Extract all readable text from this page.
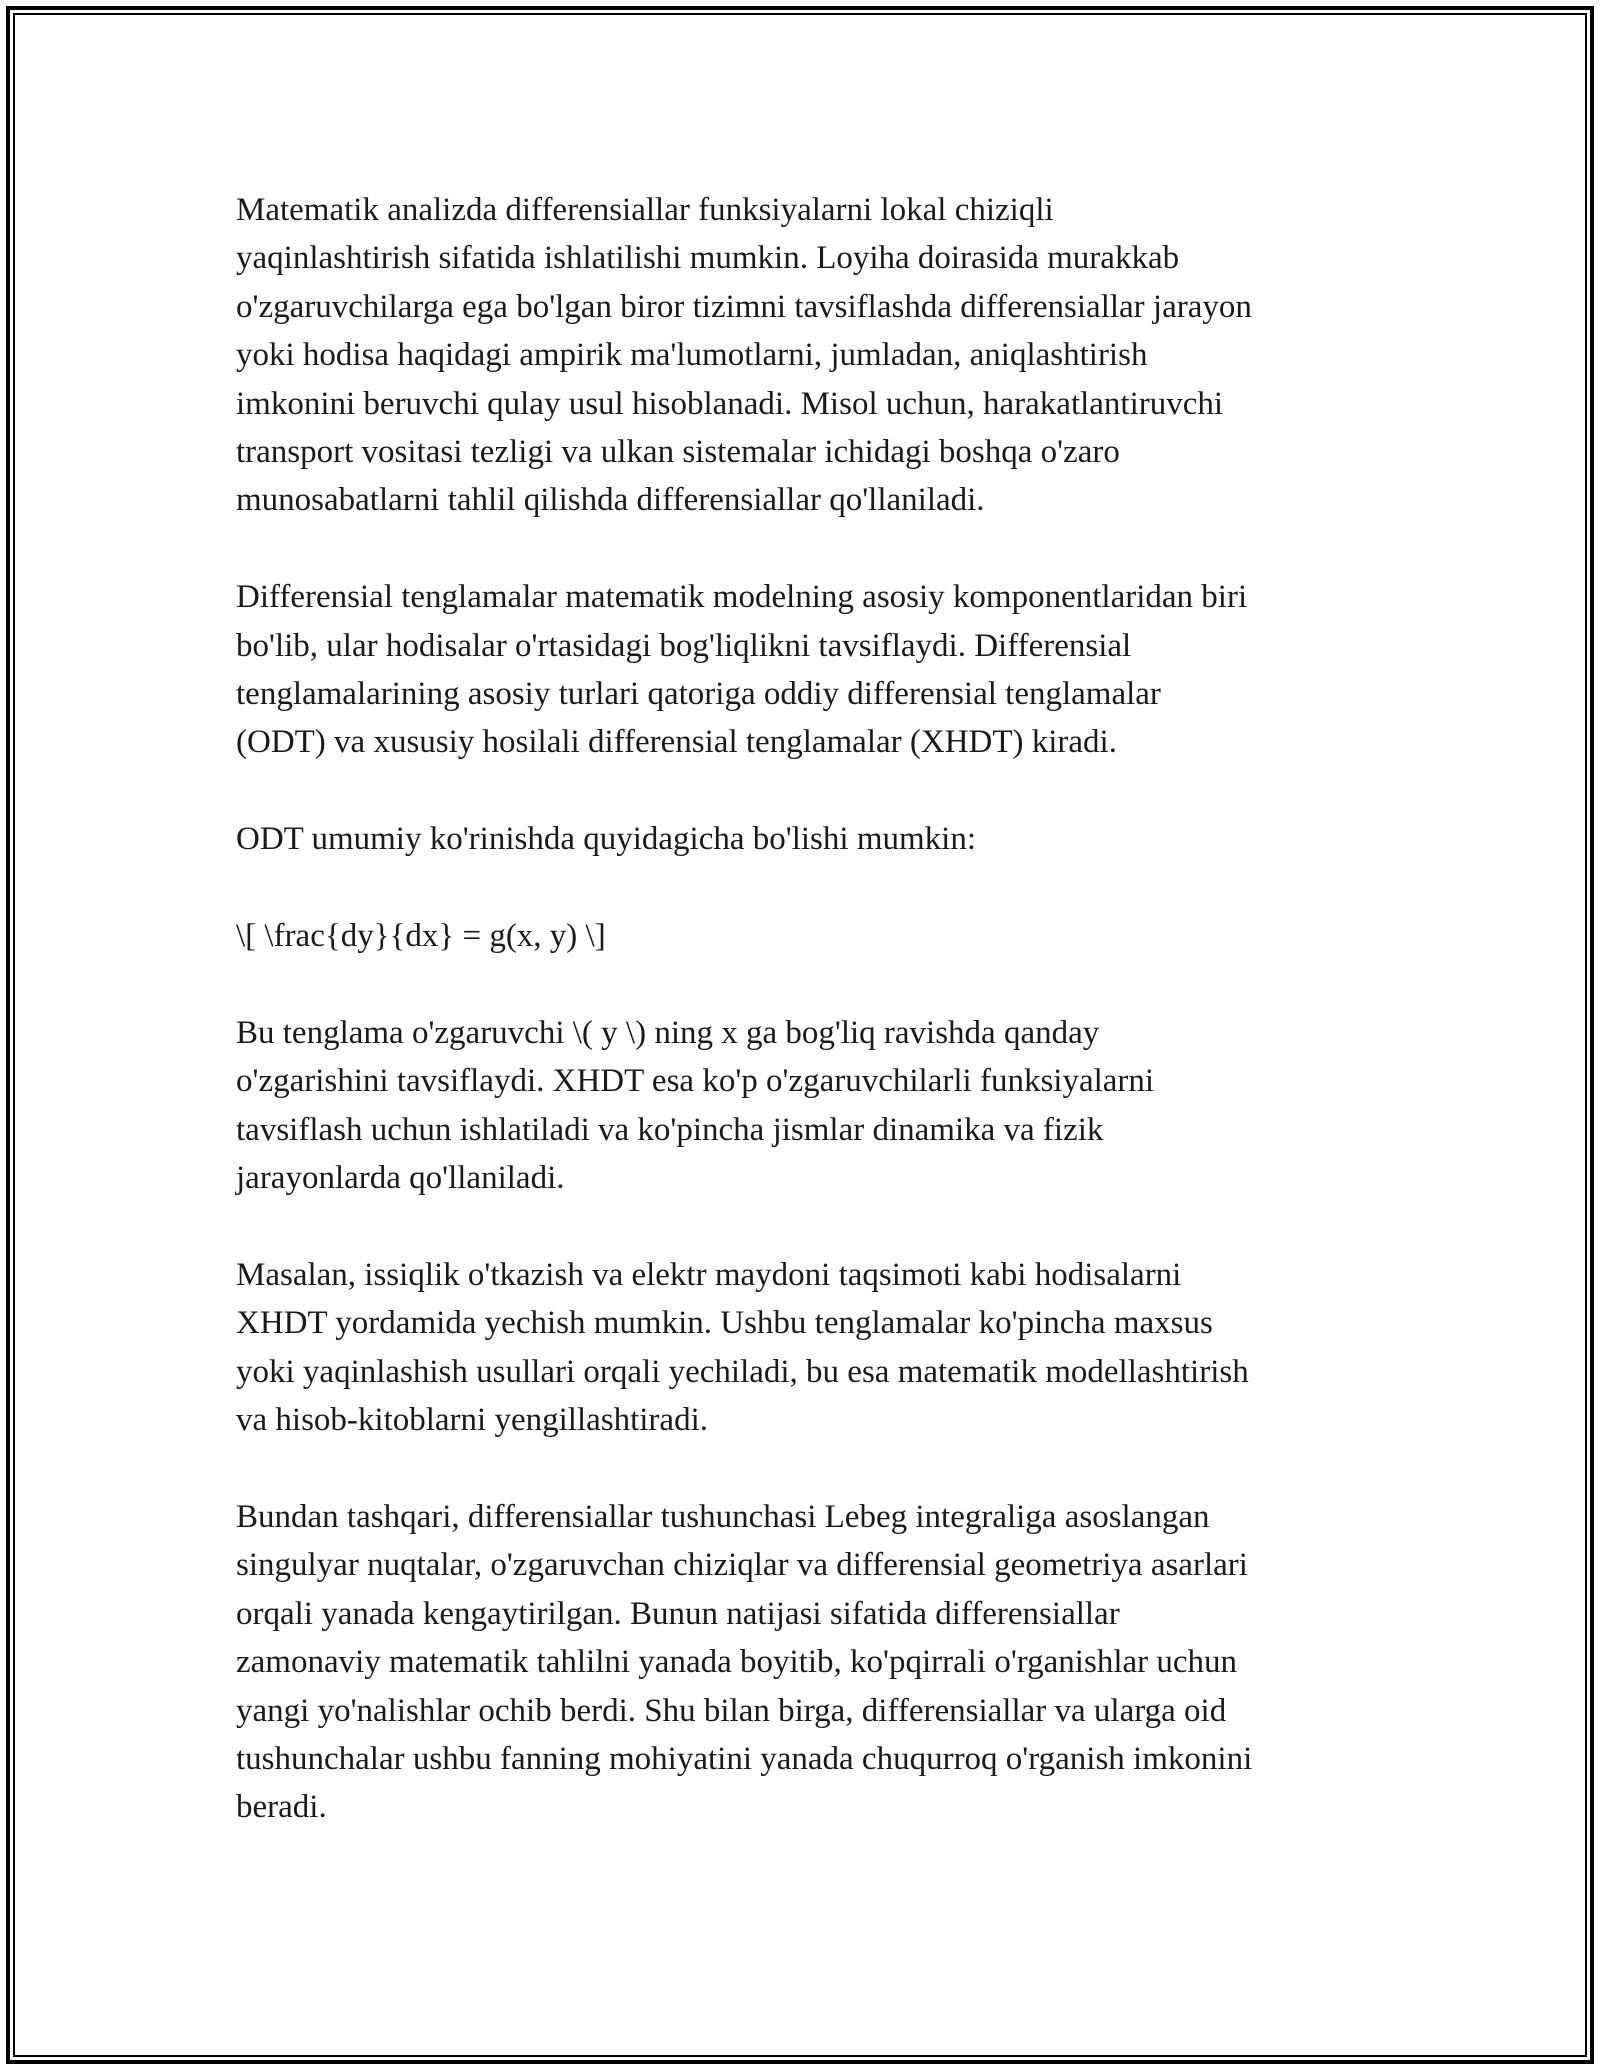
Matematik analizda differensiallar funksiyalarni lokal chiziqli
yaqinlashtirish sifatida ishlatilishi mumkin. Loyiha doirasida murakkab
o'zgaruvchilarga ega bo'lgan biror tizimni tavsiflashda differensiallar jarayon
yoki hodisa haqidagi ampirik ma'lumotlarni, jumladan, aniqlashtirish
imkonini beruvchi qulay usul hisoblanadi. Misol uchun, harakatlantiruvchi
transport vositasi tezligi va ulkan sistemalar ichidagi boshqa o'zaro
munosabatlarni tahlil qilishda differensiallar qo'llaniladi.

Differensial tenglamalar matematik modelning asosiy komponentlaridan biri
bo'lib, ular hodisalar o'rtasidagi bog'liqlikni tavsiflaydi. Differensial
tenglamalarining asosiy turlari qatoriga oddiy differensial tenglamalar
(ODT) va xususiy hosilali differensial tenglamalar (XHDT) kiradi.

ODT umumiy ko'rinishda quyidagicha bo'lishi mumkin:

\[ \frac{dy}{dx} = g(x, y) \]

Bu tenglama o'zgaruvchi \( y \) ning x ga bog'liq ravishda qanday
o'zgarishini tavsiflaydi. XHDT esa ko'p o'zgaruvchilarli funksiyalarni
tavsiflash uchun ishlatiladi va ko'pincha jismlar dinamika va fizik
jarayonlarda qo'llaniladi.

Masalan, issiqlik o'tkazish va elektr maydoni taqsimoti kabi hodisalarni
XHDT yordamida yechish mumkin. Ushbu tenglamalar ko'pincha maxsus
yoki yaqinlashish usullari orqali yechiladi, bu esa matematik modellashtirish
va hisob-kitoblarni yengillashtiradi.

Bundan tashqari, differensiallar tushunchasi Lebeg integraliga asoslangan
singulyar nuqtalar, o'zgaruvchan chiziqlar va differensial geometriya asarlari
orqali yanada kengaytirilgan. Bunun natijasi sifatida differensiallar
zamonaviy matematik tahlilni yanada boyitib, ko'pqirrali o'rganishlar uchun
yangi yo'nalishlar ochib berdi. Shu bilan birga, differensiallar va ularga oid
tushunchalar ushbu fanning mohiyatini yanada chuqurroq o'rganish imkonini
beradi.
